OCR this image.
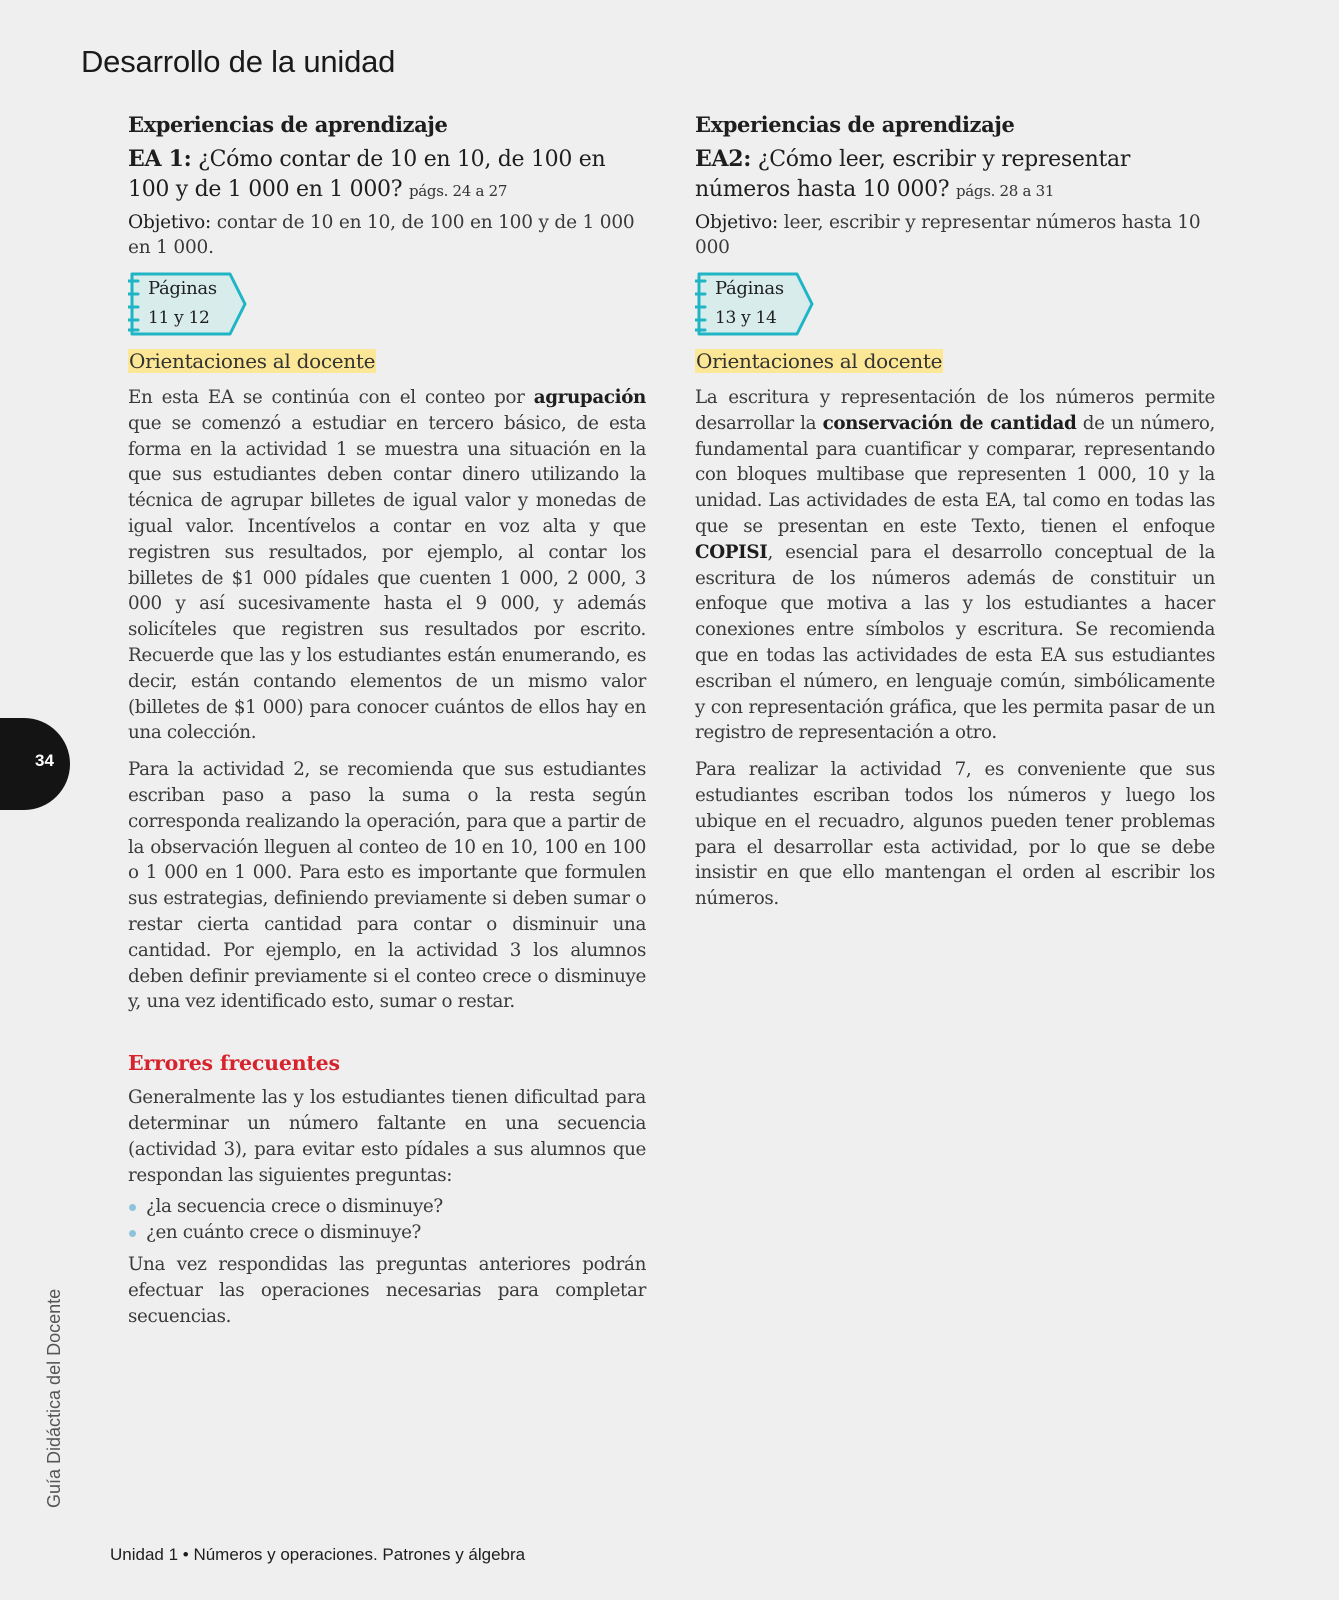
Desarrollo de la unidad
Experiencias de aprendizaje

EA 1: ¿Cómo contar de 10 en 10, de 100 en 100 y de 1 000 en 1 000? págs. 24 a 27

Objetivo: contar de 10 en 10, de 100 en 100 y de 1 000 en 1 000.

Páginas
11 y 12
Orientaciones al docente

En esta EA se continúa con el conteo por agrupación que se comenzó a estudiar en tercero básico, de esta forma en la actividad 1 se muestra una situación en la que sus estudiantes deben contar dinero utilizando la técnica de agrupar billetes de igual valor y monedas de igual valor. Incentívelos a contar en voz alta y que registren sus resultados, por ejemplo, al contar los billetes de $1 000 pídales que cuenten 1 000, 2 000, 3 000 y así sucesivamente hasta el 9 000, y además solicíteles que registren sus resultados por escrito. Recuerde que las y los estudiantes están enumerando, es decir, están contando elementos de un mismo valor (billetes de $1 000) para conocer cuántos de ellos hay en una colección.

Para la actividad 2, se recomienda que sus estudiantes escriban paso a paso la suma o la resta según corresponda realizando la operación, para que a partir de la observación lleguen al conteo de 10 en 10, 100 en 100 o 1 000 en 1 000. Para esto es importante que formulen sus estrategias, definiendo previamente si deben sumar o restar cierta cantidad para contar o disminuir una cantidad. Por ejemplo, en la actividad 3 los alumnos deben definir previamente si el conteo crece o disminuye y, una vez identificado esto, sumar o restar.

Errores frecuentes

Generalmente las y los estudiantes tienen dificultad para determinar un número faltante en una secuencia (actividad 3), para evitar esto pídales a sus alumnos que respondan las siguientes preguntas:

¿la secuencia crece o disminuye?
¿en cuánto crece o disminuye?

Una vez respondidas las preguntas anteriores podrán efectuar las operaciones necesarias para completar secuencias.

Experiencias de aprendizaje

EA2: ¿Cómo leer, escribir y representar números hasta 10 000? págs. 28 a 31

Objetivo: leer, escribir y representar números hasta 10 000

Páginas
13 y 14
Orientaciones al docente

La escritura y representación de los números permite desarrollar la conservación de cantidad de un número, fundamental para cuantificar y comparar, representando con bloques multibase que representen 1 000, 10 y la unidad. Las actividades de esta EA, tal como en todas las que se presentan en este Texto, tienen el enfoque COPISI, esencial para el desarrollo conceptual de la escritura de los números además de constituir un enfoque que motiva a las y los estudiantes a hacer conexiones entre símbolos y escritura. Se recomienda que en todas las actividades de esta EA sus estudiantes escriban el número, en lenguaje común, simbólicamente y con representación gráfica, que les permita pasar de un registro de representación a otro.

Para realizar la actividad 7, es conveniente que sus estudiantes escriban todos los números y luego los ubique en el recuadro, algunos pueden tener problemas para el desarrollar esta actividad, por lo que se debe insistir en que ello mantengan el orden al escribir los números.

34
Guía Didáctica del Docente
Unidad 1 • Números y operaciones. Patrones y álgebra
